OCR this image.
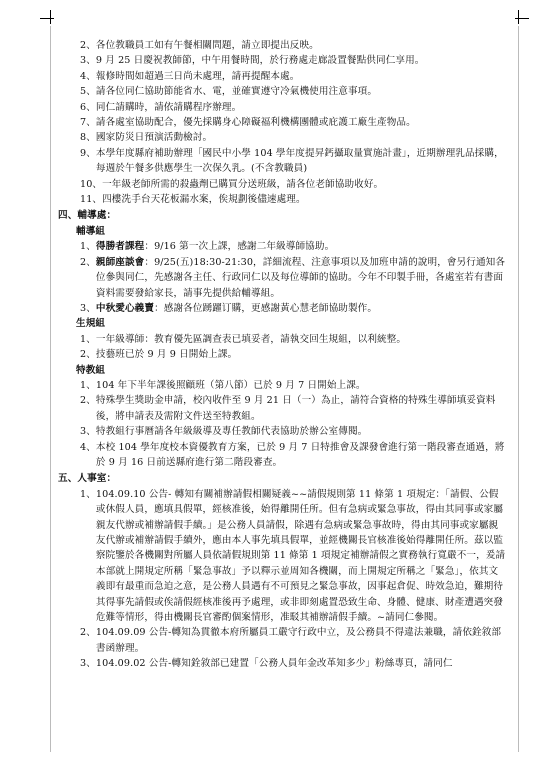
2、 各位教職員工如有午餐相關問題，請立即提出反映。
3、 9 月 25 日慶祝教師節，中午用餐時間，於行務處走廊設置餐點供同仁享用。
4、 報修時間如超過三日尚未處理，請再提醒本處。
5、 請各位同仁協助節能省水、電，並確實遵守冷氣機使用注意事項。
6、 同仁請購時，請依請購程序辦理。
7、 請各處室協助配合，優先採購身心障礙福利機構團體或庇護工廠生產物品。
8、 國家防災日預演活動檢討。
9、 本學年度縣府補助辦理「國民中小學 104 學年度提昇鈣攝取量實施計畫」，近期辦理乳品採購，每週於午餐多供應學生一次保久乳。(不含教職員)
10、 一年級老師所需的殺蟲劑已購買分送班級，請各位老師協助收好。
11、 四樓洗手台天花板漏水案，俟規劃後儘速處理。
四、輔導處：
輔導組
1、 得勝者課程：9/16 第一次上課，感謝二年級導師協助。
2、 親師座談會：9/25(五)18:30-21:30，詳細流程、注意事項以及加班申請的說明，會另行通知各位參與同仁，先感謝各主任、行政同仁以及每位導師的協助。今年不印製手冊，各處室若有書面資料需要發給家長，請事先提供給輔導組。
3、 中秋愛心義賣：感謝各位踴躍订購，更感謝黃心慧老師協助製作。
生規組
1、 一年級導師：教育優先區調查表已填妥者，請執交回生規組，以利統整。
2、 技藝班已於 9 月 9 日開始上課。
特教組
1、 104 年下半年課後照顧班（第八節）已於 9 月 7 日開始上課。
2、 特殊學生獎助金申請，校內收件至 9 月 21 日（一）為止，請符合資格的特殊生導師填妥資料後，將申請表及需附文件送至特教組。
3、 特教組行事曆請各年級級導及專任教師代表協助於辦公室傳閱。
4、 本校 104 學年度校本資優教育方案，已於 9 月 7 日特推會及課發會進行第一階段審查通過，將於 9 月 16 日前送縣府進行第二階段審查。
五、人事室：
1、 104.09.10 公告- 轉知有關補辦請假相關疑義~~請假規則第 11 條第 1 項規定：「請假、公假或休假人員，應填具假單，經核准後，始得離開任所。但有急病或緊急事故，得由其同事或家屬親友代辦或補辦請假手續。」是公務人員請假，除遇有急病或緊急事故時，得由其同事或家屬親友代辦或補辦請假手續外，應由本人事先填具假單，並經機關長官核准後始得離開任所。茲以監察院鑒於各機關對所屬人員依請假規則第 11 條第 1 項規定補辦請假之實務執行寬嚴不一，爰請本部就上開規定所稱「緊急事故」予以釋示並周知各機關，而上開規定所稱之「緊急」，依其文義即有最重而急迫之意，是公務人員遇有不可預見之緊急事故，因事起倉促、時效急迫，難期待其得事先請假或俟請假經核准後再予處理，或非即刻處置恐致生命、身體、健康、財產遭遇突發危難等情形，得由機關長官審酌個案情形，准駁其補辦請假手續。~請同仁參閱。
2、 104.09.09 公告-轉知為貫徹本府所屬員工嚴守行政中立，及公務員不得違法兼職，請依銓敘部書函辦理。
3、 104.09.02 公告-轉知銓敘部已建置「公務人員年金改革知多少」粉絲專頁，請同仁
